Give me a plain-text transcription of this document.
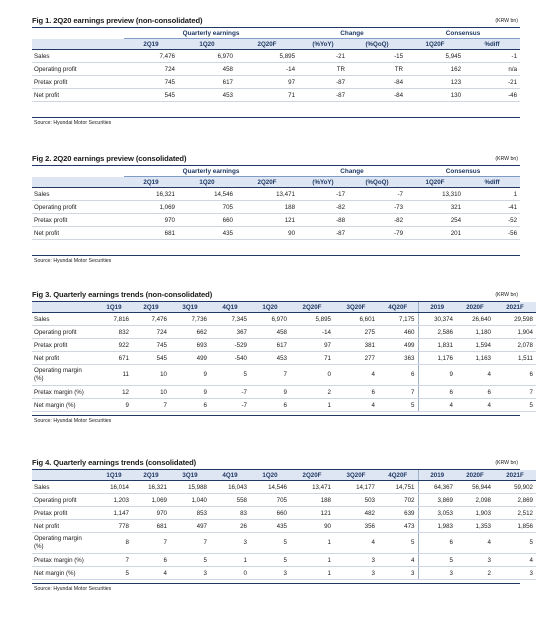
Fig 1. 2Q20 earnings preview (non-consolidated)	(KRW bn)
	Quarterly earnings			Change		Consensus	
	2Q19	1Q20	2Q20F	(%YoY)	(%QoQ)	1Q20F	%diff
Sales	7,476	6,970	5,895	-21	-15	5,945	-1
Operating profit	724	458	-14	TR	TR	162	n/a
Pretax profit	745	617	97	-87	-84	123	-21
Net profit	545	453	71	-87	-84	130	-46
Source: Hyundai Motor Securities
Fig 2. 2Q20 earnings preview (consolidated)	(KRW bn)
	Quarterly earnings			Change		Consensus	
	2Q19	1Q20	2Q20F	(%YoY)	(%QoQ)	1Q20F	%diff
Sales	16,321	14,546	13,471	-17	-7	13,310	1
Operating profit	1,069	705	188	-82	-73	321	-41
Pretax profit	970	660	121	-88	-82	254	-52
Net profit	681	435	90	-87	-79	201	-56
Source: Hyundai Motor Securities
Fig 3. Quarterly earnings trends (non-consolidated)	(KRW bn)
	1Q19	2Q19	3Q19	4Q19	1Q20	2Q20F	3Q20F	4Q20F	2019	2020F	2021F
Sales	7,816	7,476	7,736	7,345	6,970	5,895	6,601	7,175	30,374	26,640	29,598
Operating profit	832	724	662	367	458	-14	275	460	2,586	1,180	1,904
Pretax profit	922	745	693	-529	617	97	381	499	1,831	1,594	2,078
Net profit	671	545	499	-540	453	71	277	363	1,176	1,163	1,511
Operating margin (%)	11	10	9	5	7	0	4	6	9	4	6
Pretax margin (%)	12	10	9	-7	9	2	6	7	6	6	7
Net margin (%)	9	7	6	-7	6	1	4	5	4	4	5
Source: Hyundai Motor Securities
Fig 4. Quarterly earnings trends (consolidated)	(KRW bn)
	1Q19	2Q19	3Q19	4Q19	1Q20	2Q20F	3Q20F	4Q20F	2019	2020F	2021F
Sales	16,014	16,321	15,988	16,043	14,546	13,471	14,177	14,751	64,367	56,944	59,902
Operating profit	1,203	1,069	1,040	558	705	188	503	702	3,869	2,098	2,869
Pretax profit	1,147	970	853	83	660	121	482	639	3,053	1,903	2,512
Net profit	778	681	497	26	435	90	356	473	1,983	1,353	1,856
Operating margin (%)	8	7	7	3	5	1	4	5	6	4	5
Pretax margin (%)	7	6	5	1	5	1	3	4	5	3	4
Net margin (%)	5	4	3	0	3	1	3	3	3	2	3
Source: Hyundai Motor Securities
